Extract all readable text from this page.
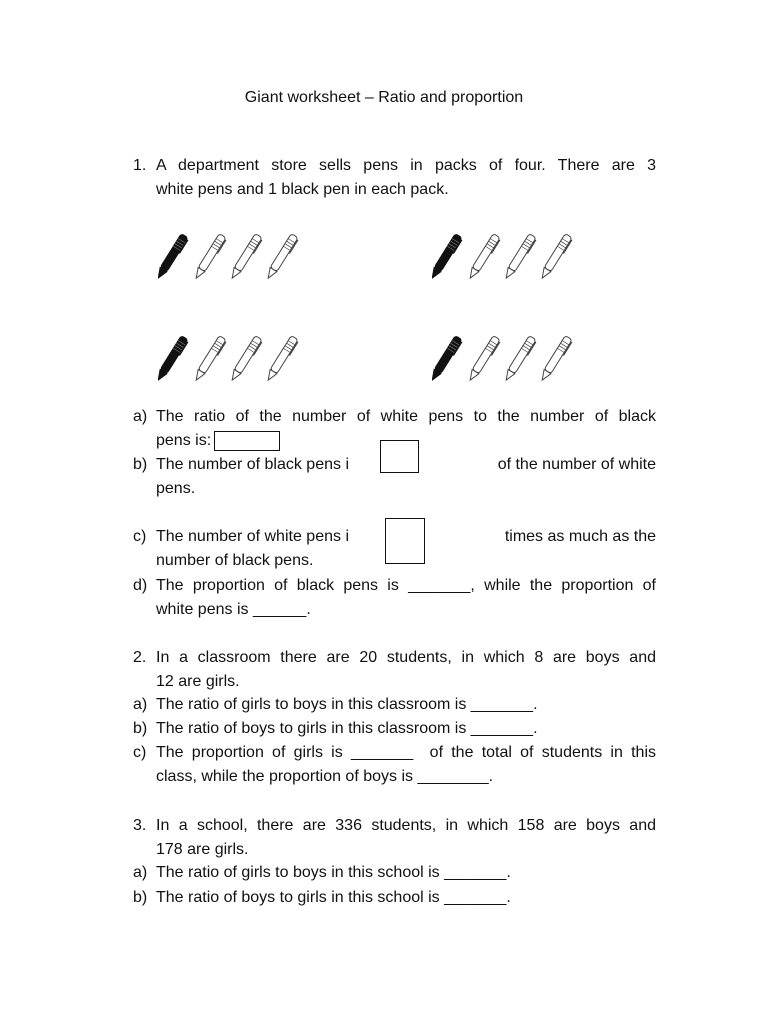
Giant worksheet – Ratio and proportion
1. A department store sells pens in packs of four. There are 3
white pens and 1 black pen in each pack.
a) The ratio of the number of white pens to the number of black
pens is:
b) The number of black pens i	of the number of white
pens.
c) The number of white pens i	times as much as the
number of black pens.
d) The proportion of black pens is _______, while the proportion of
white pens is ______.
2. In a classroom there are 20 students, in which 8 are boys and
12 are girls.
a) The ratio of girls to boys in this classroom is _______.
b) The ratio of boys to girls in this classroom is _______.
c) The proportion of girls is _______  of the total of students in this
class, while the proportion of boys is ________.
3. In a school, there are 336 students, in which 158 are boys and
178 are girls.
a) The ratio of girls to boys in this school is _______.
b) The ratio of boys to girls in this school is _______.
